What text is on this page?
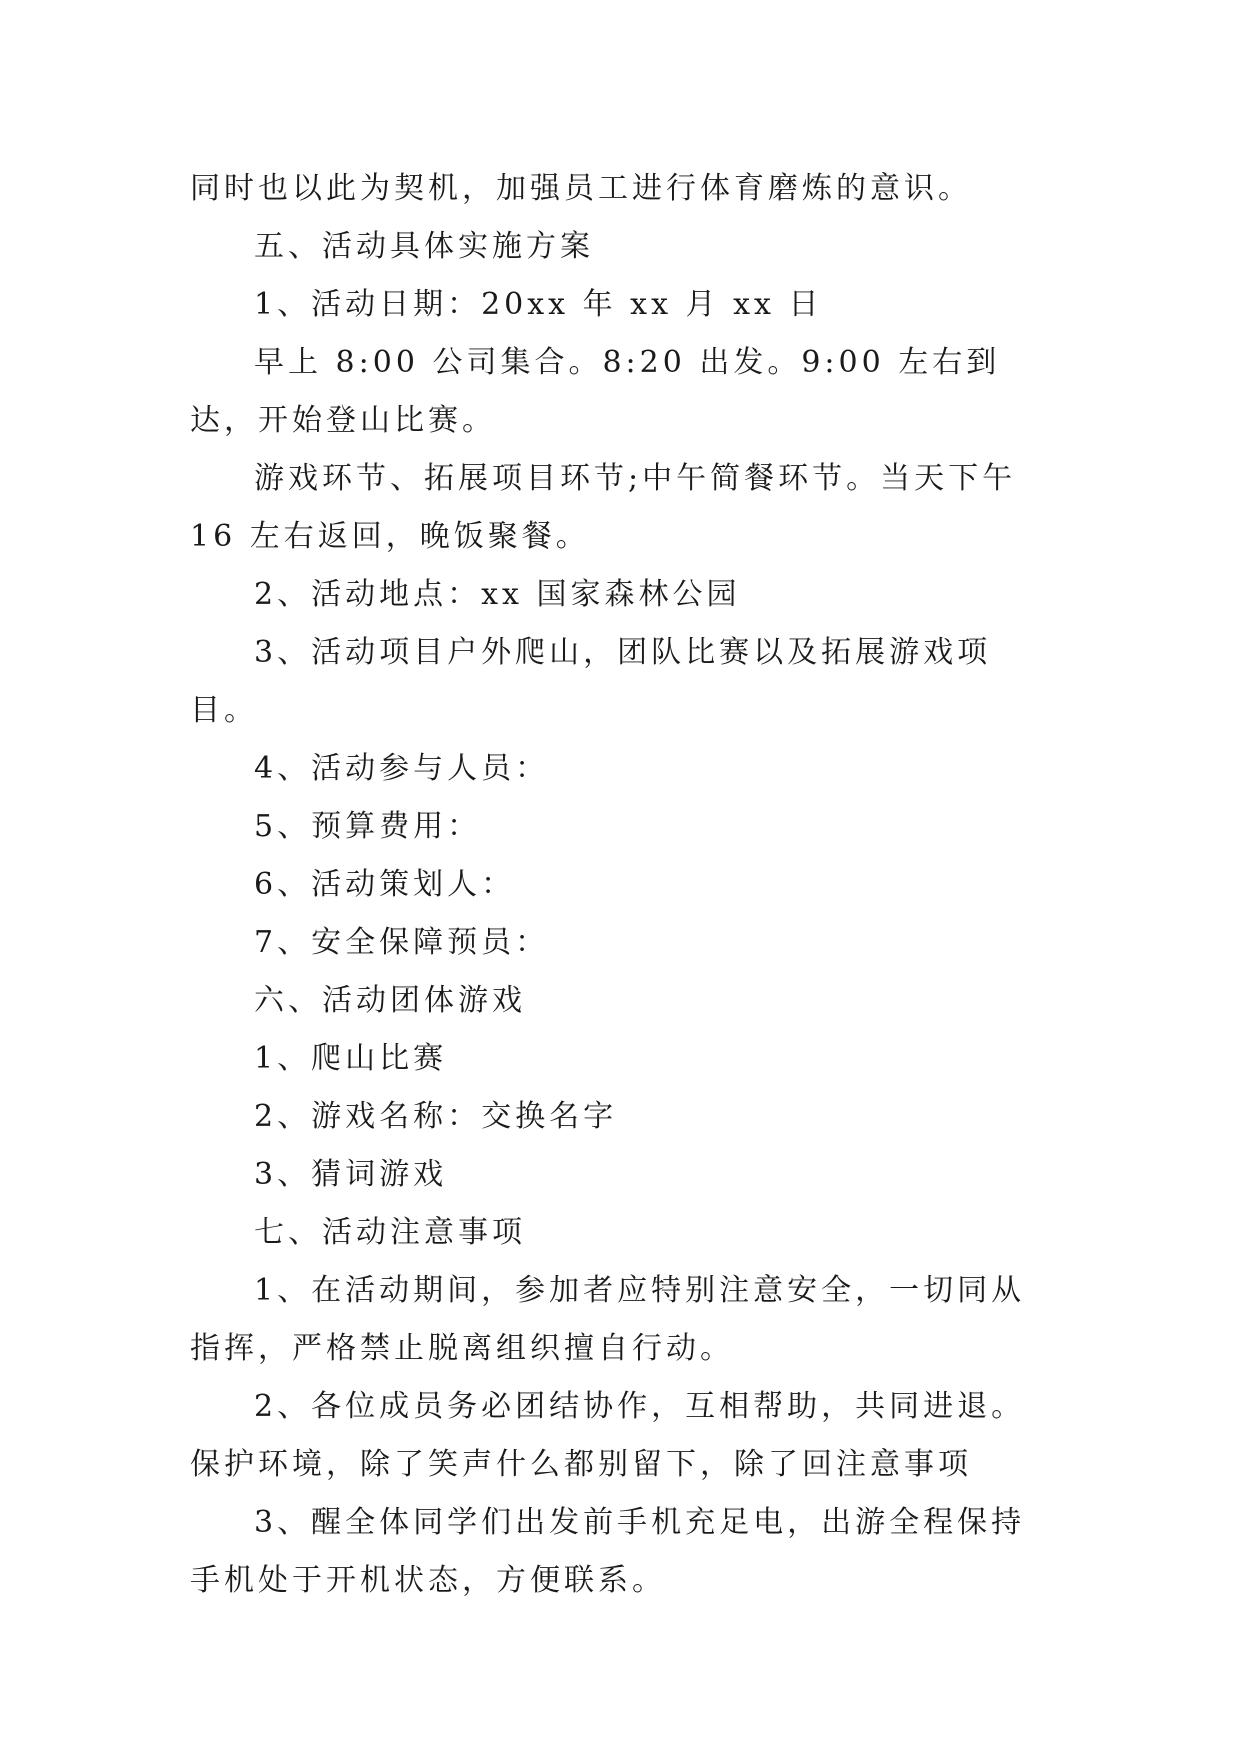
同时也以此为契机，加强员工进行体育磨炼的意识。

五、活动具体实施方案

1、活动日期：20xx 年 xx 月 xx 日

早上 8:00 公司集合。8:20 出发。9:00 左右到达，开始登山比赛。

游戏环节、拓展项目环节;中午简餐环节。当天下午 16 左右返回，晚饭聚餐。

2、活动地点：xx 国家森林公园

3、活动项目户外爬山，团队比赛以及拓展游戏项目。

4、活动参与人员：

5、预算费用：

6、活动策划人：

7、安全保障预员：

六、活动团体游戏

1、爬山比赛

2、游戏名称：交换名字

3、猜词游戏

七、活动注意事项

1、在活动期间，参加者应特别注意安全，一切同从指挥，严格禁止脱离组织擅自行动。

2、各位成员务必团结协作，互相帮助，共同进退。保护环境，除了笑声什么都别留下，除了回注意事项

3、醒全体同学们出发前手机充足电，出游全程保持手机处于开机状态，方便联系。
